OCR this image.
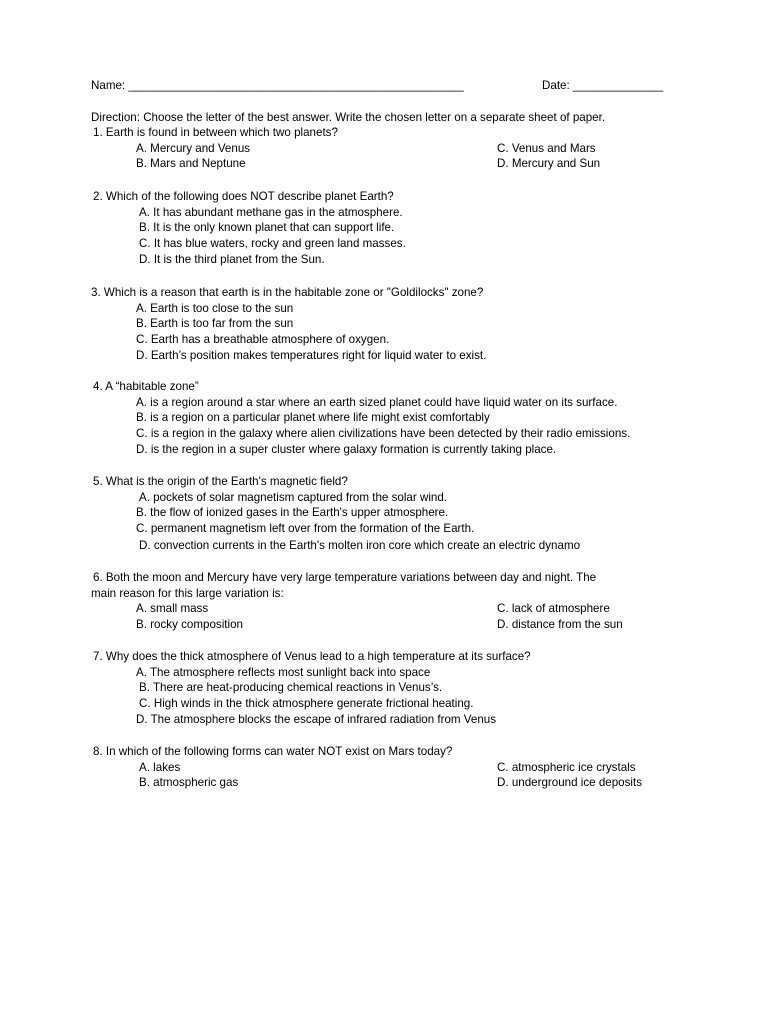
Name: ____________________________________________________	Date: ______________
Direction: Choose the letter of the best answer. Write the chosen letter on a separate sheet of paper.
1. Earth is found in between which two planets?
A. Mercury and Venus	C. Venus and Mars
B. Mars and Neptune	D. Mercury and Sun
2. Which of the following does NOT describe planet Earth?
A. It has abundant methane gas in the atmosphere.
B. It is the only known planet that can support life.
C. It has blue waters, rocky and green land masses.
D. It is the third planet from the Sun.
3. Which is a reason that earth is in the habitable zone or "Goldilocks" zone?
A. Earth is too close to the sun
B. Earth is too far from the sun
C. Earth has a breathable atmosphere of oxygen.
D. Earth’s position makes temperatures right for liquid water to exist.
4. A “habitable zone”
A. is a region around a star where an earth sized planet could have liquid water on its surface.
B. is a region on a particular planet where life might exist comfortably
C. is a region in the galaxy where alien civilizations have been detected by their radio emissions.
D. is the region in a super cluster where galaxy formation is currently taking place.
5. What is the origin of the Earth's magnetic field?
A. pockets of solar magnetism captured from the solar wind.
B. the flow of ionized gases in the Earth's upper atmosphere.
C. permanent magnetism left over from the formation of the Earth.
D. convection currents in the Earth's molten iron core which create an electric dynamo
6. Both the moon and Mercury have very large temperature variations between day and night. The
main reason for this large variation is:
A. small mass	C. lack of atmosphere
B. rocky composition	D. distance from the sun
7. Why does the thick atmosphere of Venus lead to a high temperature at its surface?
A. The atmosphere reflects most sunlight back into space
B. There are heat-producing chemical reactions in Venus’s.
C. High winds in the thick atmosphere generate frictional heating.
D. The atmosphere blocks the escape of infrared radiation from Venus
8. In which of the following forms can water NOT exist on Mars today?
A. lakes	C. atmospheric ice crystals
B. atmospheric gas	D. underground ice deposits
